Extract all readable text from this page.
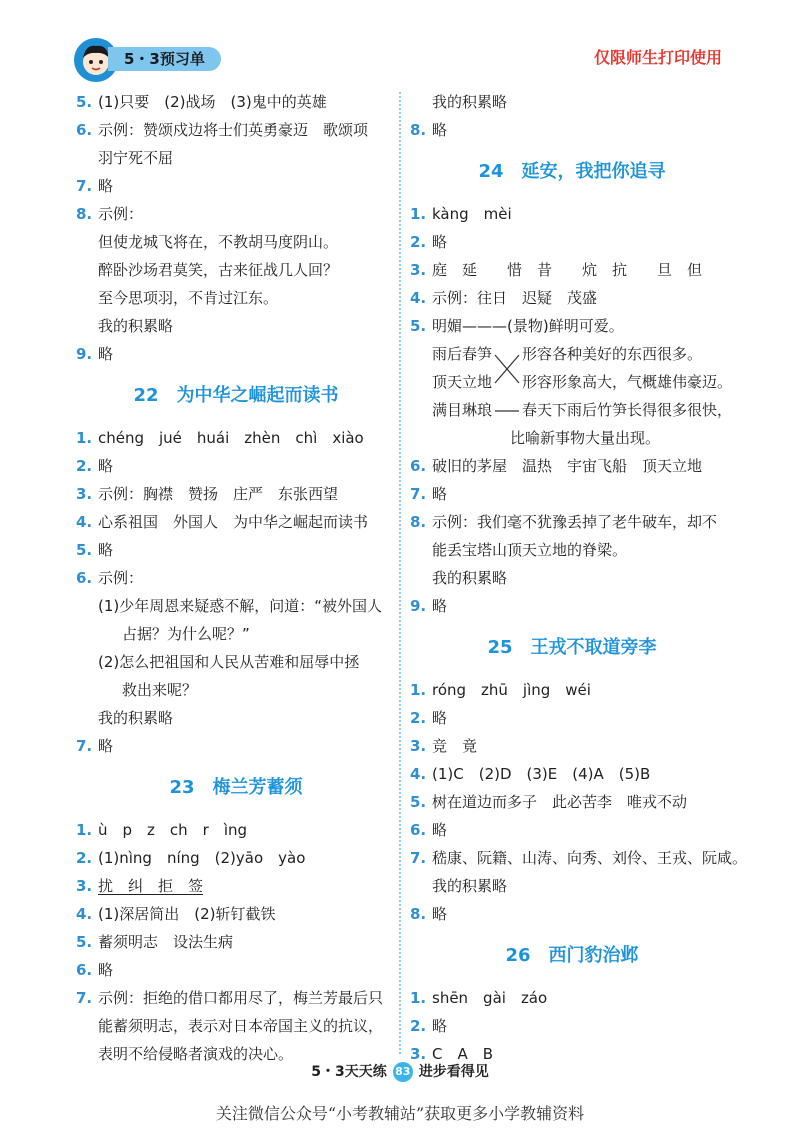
5・3预习单	仅限师生打印使用
5. (1)只要　(2)战场　(3)鬼中的英雄
6. 示例：赞颂戍边将士们英勇豪迈　歌颂项
羽宁死不屈
7. 略
8. 示例：
但使龙城飞将在，不教胡马度阴山。
醉卧沙场君莫笑，古来征战几人回？
至今思项羽，不肯过江东。
我的积累略
9. 略
22 为中华之崛起而读书
1. chéng　jué　huái　zhèn　chì　xiào
2. 略
3. 示例：胸襟　赞扬　庄严　东张西望
4. 心系祖国　外国人　为中华之崛起而读书
5. 略
6. 示例：
(1)少年周恩来疑惑不解，问道：“被外国人
占据？为什么呢？”
(2)怎么把祖国和人民从苦难和屈辱中拯
救出来呢？
我的积累略
7. 略
23 梅兰芳蓄须
1. ù　p　z　ch　r　ìng
2. (1)nìng　níng　(2)yāo　yào
3. 扰　纠　拒　签
4. (1)深居简出　(2)斩钉截铁
5. 蓄须明志　设法生病
6. 略
7. 示例：拒绝的借口都用尽了，梅兰芳最后只
能蓄须明志，表示对日本帝国主义的抗议，
表明不给侵略者演戏的决心。
我的积累略
8. 略
24 延安，我把你追寻
1. kàng　mèi
2. 略
3. 庭　延　　惜　昔　　炕　抗　　旦　但
4. 示例：往日　迟疑　茂盛
5. 明媚———(景物)鲜明可爱。
雨后春笋
顶天立地
满目琳琅
形容各种美好的东西很多。
形容形象高大，气概雄伟豪迈。
春天下雨后竹笋长得很多很快，
比喻新事物大量出现。
6. 破旧的茅屋　温热　宇宙飞船　顶天立地
7. 略
8. 示例：我们毫不犹豫丢掉了老牛破车，却不
能丢宝塔山顶天立地的脊梁。
我的积累略
9. 略
25 王戎不取道旁李
1. róng　zhū　jìng　wéi
2. 略
3. 竞　竟
4. (1)C　(2)D　(3)E　(4)A　(5)B
5. 树在道边而多子　此必苦李　唯戎不动
6. 略
7. 嵇康、阮籍、山涛、向秀、刘伶、王戎、阮咸。
我的积累略
8. 略
26 西门豹治邺
1. shēn　gài　záo
2. 略
3. C　A　B
5・3天天练 83 进步看得见
关注微信公众号“小考教辅站”获取更多小学教辅资料
